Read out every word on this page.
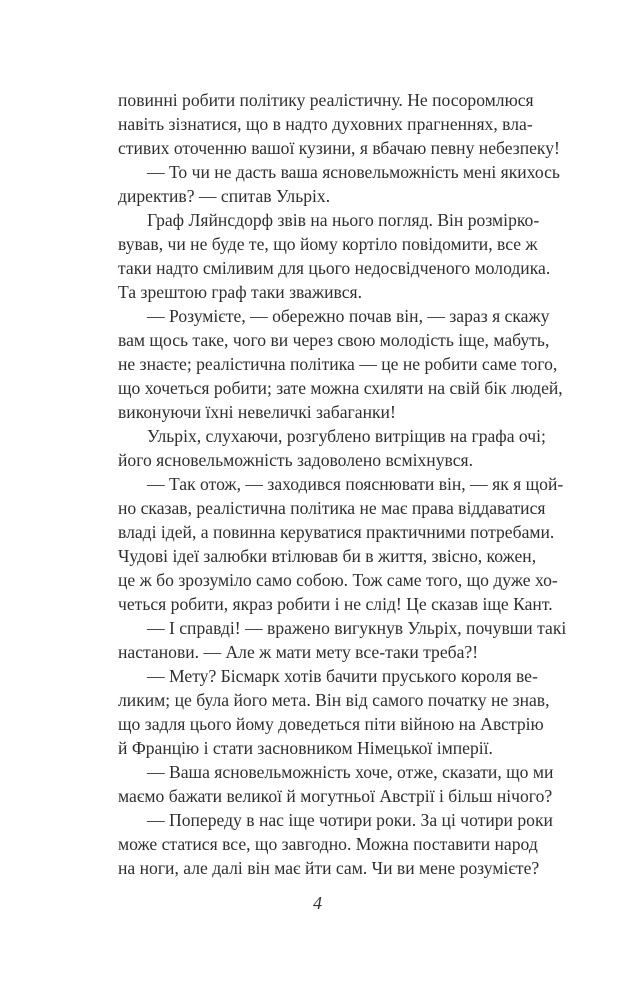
повинні робити політику реалістичну. Не посоромлюся
навіть зізнатися, що в надто духовних прагненнях, вла-
стивих оточенню вашої кузини, я вбачаю певну небезпеку!
— То чи не дасть ваша ясновельможність мені якихось
директив? — спитав Ульріх.
Граф Ляйнсдорф звів на нього погляд. Він розмірко-
вував, чи не буде те, що йому кортіло повідомити, все ж
таки надто сміливим для цього недосвідченого молодика.
Та зрештою граф таки зважився.
— Розумієте, — обережно почав він, — зараз я скажу
вам щось таке, чого ви через свою молодість іще, мабуть,
не знаєте; реалістична політика — це не робити саме того,
що хочеться робити; зате можна схиляти на свій бік людей,
виконуючи їхні невеличкі забаганки!
Ульріх, слухаючи, розгублено витріщив на графа очі;
його ясновельможність задоволено всміхнувся.
— Так отож, — заходився пояснювати він, — як я щой-
но сказав, реалістична політика не має права віддаватися
владі ідей, а повинна керуватися практичними потребами.
Чудові ідеї залюбки втілював би в життя, звісно, кожен,
це ж бо зрозуміло само собою. Тож саме того, що дуже хо-
четься робити, якраз робити і не слід! Це сказав іще Кант.
— І справді! — вражено вигукнув Ульріх, почувши такі
настанови. — Але ж мати мету все-таки треба?!
— Мету? Бісмарк хотів бачити пруського короля ве-
ликим; це була його мета. Він від самого початку не знав,
що задля цього йому доведеться піти війною на Австрію
й Францію і стати засновником Німецької імперії.
— Ваша ясновельможність хоче, отже, сказати, що ми
маємо бажати великої й могутньої Австрії і більш нічого?
— Попереду в нас іще чотири роки. За ці чотири роки
може статися все, що завгодно. Можна поставити народ
на ноги, але далі він має йти сам. Чи ви мене розумієте?
4
